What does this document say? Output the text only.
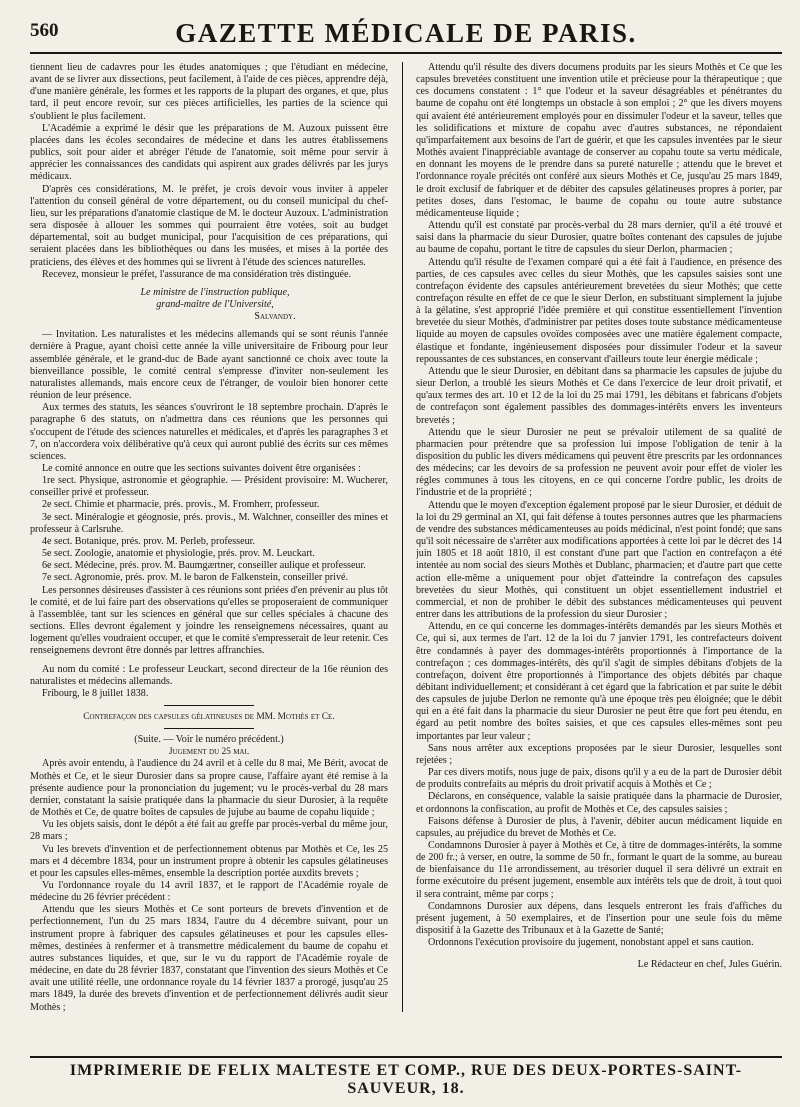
560	GAZETTE MÉDICALE DE PARIS.

tiennent lieu de cadavres pour les études anatomiques ; que l'étudiant en médecine, avant de se livrer aux dissections, peut facilement, à l'aide de ces pièces, apprendre déjà, d'une manière générale, les formes et les rapports de la plupart des organes, et que, plus tard, il peut encore revoir, sur ces pièces artificielles, les parties de la science qui s'oublient le plus facilement.

L'Académie a exprimé le désir que les préparations de M. Auzoux puissent être placées dans les écoles secondaires de médecine et dans les autres établissemens publics, soit pour aider et abréger l'étude de l'anatomie, soit même pour servir à apprécier les connaissances des candidats qui aspirent aux grades délivrés par les jurys médicaux.

D'après ces considérations, M. le préfet, je crois devoir vous inviter à appeler l'attention du conseil général de votre département, ou du conseil municipal du chef-lieu, sur les préparations d'anatomie clastique de M. le docteur Auzoux. L'administration sera disposée à allouer les sommes qui pourraient être votées, soit au budget départemental, soit au budget municipal, pour l'acquisition de ces préparations, qui seraient placées dans les bibliothèques ou dans les musées, et mises à la portée des praticiens, des élèves et des hommes qui se livrent à l'étude des sciences naturelles.

Recevez, monsieur le préfet, l'assurance de ma considération très distinguée.

Le ministre de l'instruction publique,

grand-maître de l'Université,

Salvandy.

— Invitation. Les naturalistes et les médecins allemands qui se sont réunis l'année dernière à Prague, ayant choisi cette année la ville universitaire de Fribourg pour leur assemblée générale, et le grand-duc de Bade ayant sanctionné ce choix avec toute la bienveillance possible, le comité central s'empresse d'inviter non-seulement les naturalistes allemands, mais encore ceux de l'étranger, de vouloir bien honorer cette réunion de leur présence.

Aux termes des statuts, les séances s'ouvriront le 18 septembre prochain. D'après le paragraphe 6 des statuts, on n'admettra dans ces réunions que les personnes qui s'occupent de l'étude des sciences naturelles et médicales, et d'après les paragraphes 3 et 7, on n'accordera voix délibérative qu'à ceux qui auront publié des écrits sur ces mêmes sciences.

Le comité annonce en outre que les sections suivantes doivent être organisées :

1re sect. Physique, astronomie et géographie. — Président provisoire: M. Wucherer, conseiller privé et professeur.

2e sect. Chimie et pharmacie, prés. provis., M. Fromherr, professeur.

3e sect. Minéralogie et géognosie, prés. provis., M. Walchner, conseiller des mines et professeur à Carlsruhe.

4e sect. Botanique, prés. prov. M. Perleb, professeur.

5e sect. Zoologie, anatomie et physiologie, prés. prov. M. Leuckart.

6e sect. Médecine, prés. prov. M. Baumgærtner, conseiller aulique et professeur.

7e sect. Agronomie, prés. prov. M. le baron de Falkenstein, conseiller privé.

Les personnes désireuses d'assister à ces réunions sont priées d'en prévenir au plus tôt le comité, et de lui faire part des observations qu'elles se proposeraient de communiquer à l'assemblée, tant sur les sciences en général que sur celles spéciales à chacune des sections. Elles devront également y joindre les renseignemens nécessaires, quant au logement qu'elles voudraient occuper, et que le comité s'empresserait de leur retenir. Ces renseignemens devront être donnés par lettres affranchies.

Au nom du comité : Le professeur Leuckart, second directeur de la 16e réunion des naturalistes et médecins allemands.

Fribourg, le 8 juillet 1838.

Contrefaçon des capsules gélatineuses de MM. Mothès et Ce.

(Suite. — Voir le numéro précédent.)

Jugement du 25 mai.

Après avoir entendu, à l'audience du 24 avril et à celle du 8 mai, Me Bérit, avocat de Mothès et Ce, et le sieur Durosier dans sa propre cause, l'affaire ayant été remise à la présente audience pour la prononciation du jugement; vu le procès-verbal du 28 mars dernier, constatant la saisie pratiquée dans la pharmacie du sieur Durosier, à la requête de Mothès et Ce, de quatre boîtes de capsules de jujube au baume de copahu liquide ;

Vu les objets saisis, dont le dépôt a été fait au greffe par procès-verbal du même jour, 28 mars ;

Vu les brevets d'invention et de perfectionnement obtenus par Mothès et Ce, les 25 mars et 4 décembre 1834, pour un instrument propre à obtenir les capsules gélatineuses et pour les capsules elles-mêmes, ensemble la description portée auxdits brevets ;

Vu l'ordonnance royale du 14 avril 1837, et le rapport de l'Académie royale de médecine du 26 février précédent :

Attendu que les sieurs Mothès et Ce sont porteurs de brevets d'invention et de perfectionnement, l'un du 25 mars 1834, l'autre du 4 décembre suivant, pour un instrument propre à fabriquer des capsules gélatineuses et pour les capsules elles-mêmes, destinées à renfermer et à transmettre médicalement du baume de copahu et autres substances liquides, et que, sur le vu du rapport de l'Académie royale de médecine, en date du 28 février 1837, constatant que l'invention des sieurs Mothès et Ce avait une utilité réelle, une ordonnance royale du 14 février 1837 a prorogé, jusqu'au 25 mars 1849, la durée des brevets d'invention et de perfectionnement délivrés audit sieur Mothès ;

Attendu qu'il résulte des divers documens produits par les sieurs Mothès et Ce que les capsules brevetées constituent une invention utile et précieuse pour la thérapeutique ; que ces documens constatent : 1° que l'odeur et la saveur désagréables et pénétrantes du baume de copahu ont été longtemps un obstacle à son emploi ; 2° que les divers moyens qui avaient été antérieurement employés pour en dissimuler l'odeur et la saveur, telles que les solidifications et mixture de copahu avec d'autres substances, ne répondaient qu'imparfaitement aux besoins de l'art de guérir, et que les capsules inventées par le sieur Mothès avaient l'inappréciable avantage de conserver au copahu toute sa vertu médicale, en donnant les moyens de le prendre dans sa pureté naturelle ; attendu que le brevet et l'ordonnance royale précités ont conféré aux sieurs Mothès et Ce, jusqu'au 25 mars 1849, le droit exclusif de fabriquer et de débiter des capsules gélatineuses propres à porter, par petites doses, dans l'estomac, le baume de copahu ou toute autre substance médicamenteuse liquide ;

Attendu qu'il est constaté par procès-verbal du 28 mars dernier, qu'il a été trouvé et saisi dans la pharmacie du sieur Durosier, quatre boîtes contenant des capsules de jujube au baume de copahu, portant le titre de capsules du sieur Derlon, pharmacien ;

Attendu qu'il résulte de l'examen comparé qui a été fait à l'audience, en présence des parties, de ces capsules avec celles du sieur Mothès, que les capsules saisies sont une contrefaçon évidente des capsules antérieurement brevetées du sieur Mothès; que cette contrefaçon résulte en effet de ce que le sieur Derlon, en substituant simplement la jujube à la gélatine, s'est approprié l'idée première et qui constitue essentiellement l'invention brevetée du sieur Mothès, d'administrer par petites doses toute substance médicamenteuse liquide au moyen de capsules ovoïdes composées avec une matière également compacte, élastique et fondante, ingénieusement disposées pour dissimuler l'odeur et la saveur repoussantes de ces substances, en conservant d'ailleurs toute leur énergie médicale ;

Attendu que le sieur Durosier, en débitant dans sa pharmacie les capsules de jujube du sieur Derlon, a troublé les sieurs Mothès et Ce dans l'exercice de leur droit privatif, et qu'aux termes des art. 10 et 12 de la loi du 25 mai 1791, les débitans et fabricans d'objets de contrefaçon sont également passibles des dommages-intérêts envers les inventeurs brevetés ;

Attendu que le sieur Durosier ne peut se prévaloir utilement de sa qualité de pharmacien pour prétendre que sa profession lui impose l'obligation de tenir à la disposition du public les divers médicamens qui peuvent être prescrits par les ordonnances des médecins; car les devoirs de sa profession ne peuvent avoir pour effet de violer les règles communes à tous les citoyens, en ce qui concerne l'ordre public, les droits de l'industrie et de la propriété ;

Attendu que le moyen d'exception également proposé par le sieur Durosier, et déduit de la loi du 29 germinal an XI, qui fait défense à toutes personnes autres que les pharmaciens de vendre des substances médicamenteuses au poids médicinal, n'est point fondé; que sans qu'il soit nécessaire de s'arrêter aux modifications apportées à cette loi par le décret des 14 juin 1805 et 18 août 1810, il est constant d'une part que l'action en contrefaçon a été intentée au nom social des sieurs Mothès et Dublanc, pharmacien; et d'autre part que cette action elle-même a uniquement pour objet d'atteindre la contrefaçon des capsules brevetées du sieur Mothès, qui constituent un objet essentiellement industriel et commercial, et non de prohiber le débit des substances médicamenteuses qui peuvent entrer dans les attributions de la profession du sieur Durosier ;

Attendu, en ce qui concerne les dommages-intérêts demandés par les sieurs Mothès et Ce, qui si, aux termes de l'art. 12 de la loi du 7 janvier 1791, les contrefacteurs doivent être condamnés à payer des dommages-intérêts proportionnés à l'importance de la contrefaçon ; ces dommages-intérêts, dès qu'il s'agit de simples débitans d'objets de la contrefaçon, doivent être proportionnés à l'importance des objets débités par chaque débitant individuellement; et considérant à cet égard que la fabrication et par suite le débit des capsules de jujube Derlon ne remonte qu'à une époque très peu éloignée; que le débit qui en a été fait dans la pharmacie du sieur Durosier ne peut être que fort peu étendu, en égard au petit nombre des boîtes saisies, et que ces capsules elles-mêmes sont peu importantes par leur valeur ;

Sans nous arrêter aux exceptions proposées par le sieur Durosier, lesquelles sont rejetées ;

Par ces divers motifs, nous juge de paix, disons qu'il y a eu de la part de Durosier débit de produits contrefaits au mépris du droit privatif acquis à Mothès et Ce ;

Déclarons, en conséquence, valable la saisie pratiquée dans la pharmacie de Durosier, et ordonnons la confiscation, au profit de Mothès et Ce, des capsules saisies ;

Faisons défense à Durosier de plus, à l'avenir, débiter aucun médicament liquide en capsules, au préjudice du brevet de Mothès et Ce.

Condamnons Durosier à payer à Mothès et Ce, à titre de dommages-intérêts, la somme de 200 fr.; à verser, en outre, la somme de 50 fr., formant le quart de la somme, au bureau de bienfaisance du 11e arrondissement, au trésorier duquel il sera délivré un extrait en forme exécutoire du présent jugement, ensemble aux intérêts tels que de droit, à tout quoi il sera contraint, même par corps ;

Condamnons Durosier aux dépens, dans lesquels entreront les frais d'affiches du présent jugement, à 50 exemplaires, et de l'insertion pour une seule fois du même dispositif à la Gazette des Tribunaux et à la Gazette de Santé;

Ordonnons l'exécution provisoire du jugement, nonobstant appel et sans caution.

Le Rédacteur en chef, Jules Guérin.

IMPRIMERIE DE FELIX MALTESTE ET COMP., RUE DES DEUX-PORTES-SAINT-SAUVEUR, 18.
